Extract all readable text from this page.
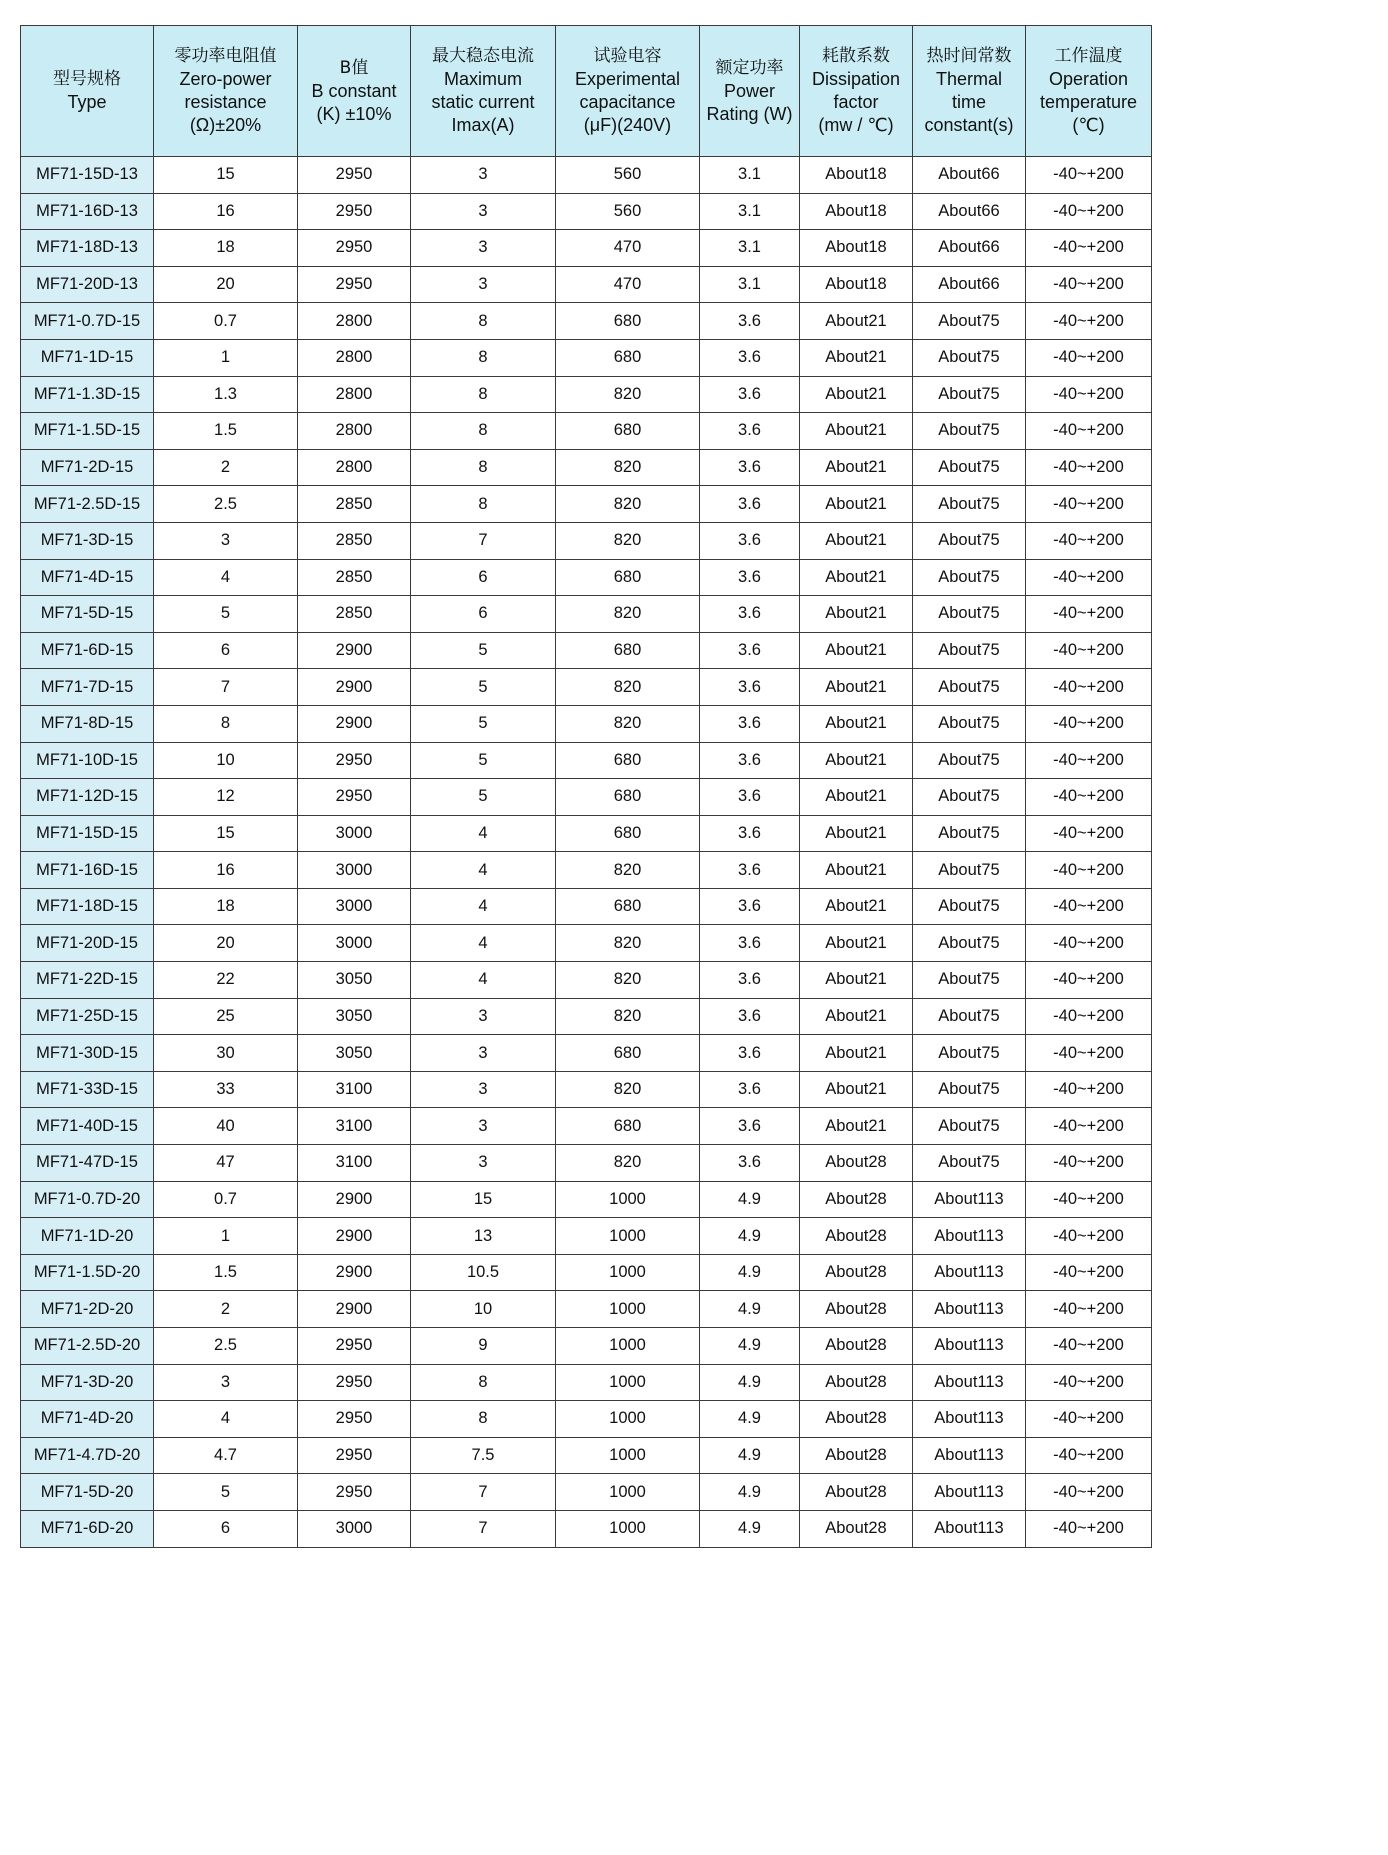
型号规格
Type	零功率电阻值
Zero-power
resistance
(Ω)±20%	B值
B constant
(K) ±10%	最大稳态电流
Maximum
static current
Imax(A)	试验电容
Experimental
capacitance
(μF)(240V)	额定功率
Power
Rating (W)	耗散系数
Dissipation
factor
(mw / ℃)	热时间常数
Thermal
time
constant(s)	工作温度
Operation
temperature
(℃)

MF71-15D-13	15	2950	3	560	3.1	About18	About66	-40~+200
MF71-16D-13	16	2950	3	560	3.1	About18	About66	-40~+200
MF71-18D-13	18	2950	3	470	3.1	About18	About66	-40~+200
MF71-20D-13	20	2950	3	470	3.1	About18	About66	-40~+200
MF71-0.7D-15	0.7	2800	8	680	3.6	About21	About75	-40~+200
MF71-1D-15	1	2800	8	680	3.6	About21	About75	-40~+200
MF71-1.3D-15	1.3	2800	8	820	3.6	About21	About75	-40~+200
MF71-1.5D-15	1.5	2800	8	680	3.6	About21	About75	-40~+200
MF71-2D-15	2	2800	8	820	3.6	About21	About75	-40~+200
MF71-2.5D-15	2.5	2850	8	820	3.6	About21	About75	-40~+200
MF71-3D-15	3	2850	7	820	3.6	About21	About75	-40~+200
MF71-4D-15	4	2850	6	680	3.6	About21	About75	-40~+200
MF71-5D-15	5	2850	6	820	3.6	About21	About75	-40~+200
MF71-6D-15	6	2900	5	680	3.6	About21	About75	-40~+200
MF71-7D-15	7	2900	5	820	3.6	About21	About75	-40~+200
MF71-8D-15	8	2900	5	820	3.6	About21	About75	-40~+200
MF71-10D-15	10	2950	5	680	3.6	About21	About75	-40~+200
MF71-12D-15	12	2950	5	680	3.6	About21	About75	-40~+200
MF71-15D-15	15	3000	4	680	3.6	About21	About75	-40~+200
MF71-16D-15	16	3000	4	820	3.6	About21	About75	-40~+200
MF71-18D-15	18	3000	4	680	3.6	About21	About75	-40~+200
MF71-20D-15	20	3000	4	820	3.6	About21	About75	-40~+200
MF71-22D-15	22	3050	4	820	3.6	About21	About75	-40~+200
MF71-25D-15	25	3050	3	820	3.6	About21	About75	-40~+200
MF71-30D-15	30	3050	3	680	3.6	About21	About75	-40~+200
MF71-33D-15	33	3100	3	820	3.6	About21	About75	-40~+200
MF71-40D-15	40	3100	3	680	3.6	About21	About75	-40~+200
MF71-47D-15	47	3100	3	820	3.6	About28	About75	-40~+200
MF71-0.7D-20	0.7	2900	15	1000	4.9	About28	About113	-40~+200
MF71-1D-20	1	2900	13	1000	4.9	About28	About113	-40~+200
MF71-1.5D-20	1.5	2900	10.5	1000	4.9	About28	About113	-40~+200
MF71-2D-20	2	2900	10	1000	4.9	About28	About113	-40~+200
MF71-2.5D-20	2.5	2950	9	1000	4.9	About28	About113	-40~+200
MF71-3D-20	3	2950	8	1000	4.9	About28	About113	-40~+200
MF71-4D-20	4	2950	8	1000	4.9	About28	About113	-40~+200
MF71-4.7D-20	4.7	2950	7.5	1000	4.9	About28	About113	-40~+200
MF71-5D-20	5	2950	7	1000	4.9	About28	About113	-40~+200
MF71-6D-20	6	3000	7	1000	4.9	About28	About113	-40~+200
